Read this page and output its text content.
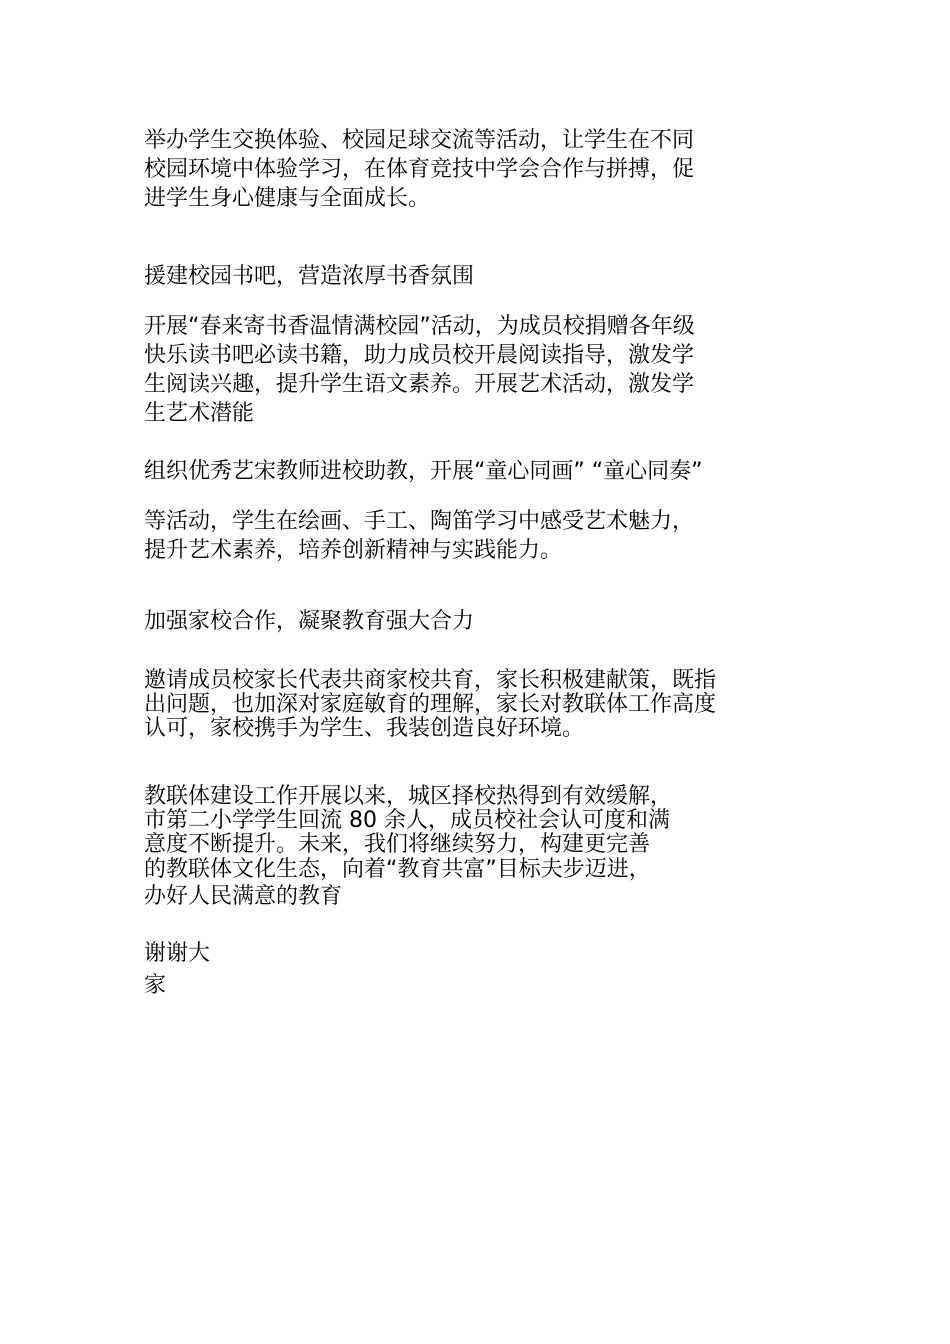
举办学生交换体验、校园足球交流等活动，让学生在不同

校园环境中体验学习，在体育竞技中学会合作与拼搏，促

进学生身心健康与全面成长。

援建校园书吧，营造浓厚书香氛围

开展“春来寄书香温情满校园”活动，为成员校捐赠各年级

快乐读书吧必读书籍，助力成员校开晨阅读指导，激发学

生阅读兴趣，提升学生语文素养。开展艺术活动，激发学

生艺术潜能

组织优秀艺宋教师进校助教，开展“童心同画” “童心同奏”

等活动，学生在绘画、手工、陶笛学习中感受艺术魅力，

提升艺术素养，培养创新精神与实践能力。

加强家校合作，凝聚教育强大合力

邀请成员校家长代表共商家校共育，家长积极建献策，既指

出问题，也加深对家庭敏育的理解，家长对教联体工作高度

认可，家校携手为学生、我装创造良好环境。

教联体建设工作开展以来，城区择校热得到有效缓解，

市第二小学学生回流 80 余人，成员校社会认可度和满

意度不断提升。未来，我们将继续努力，构建更完善

的教联体文化生态，向着“教育共富”目标夫步迈进，

办好人民满意的教育

谢谢大

家
